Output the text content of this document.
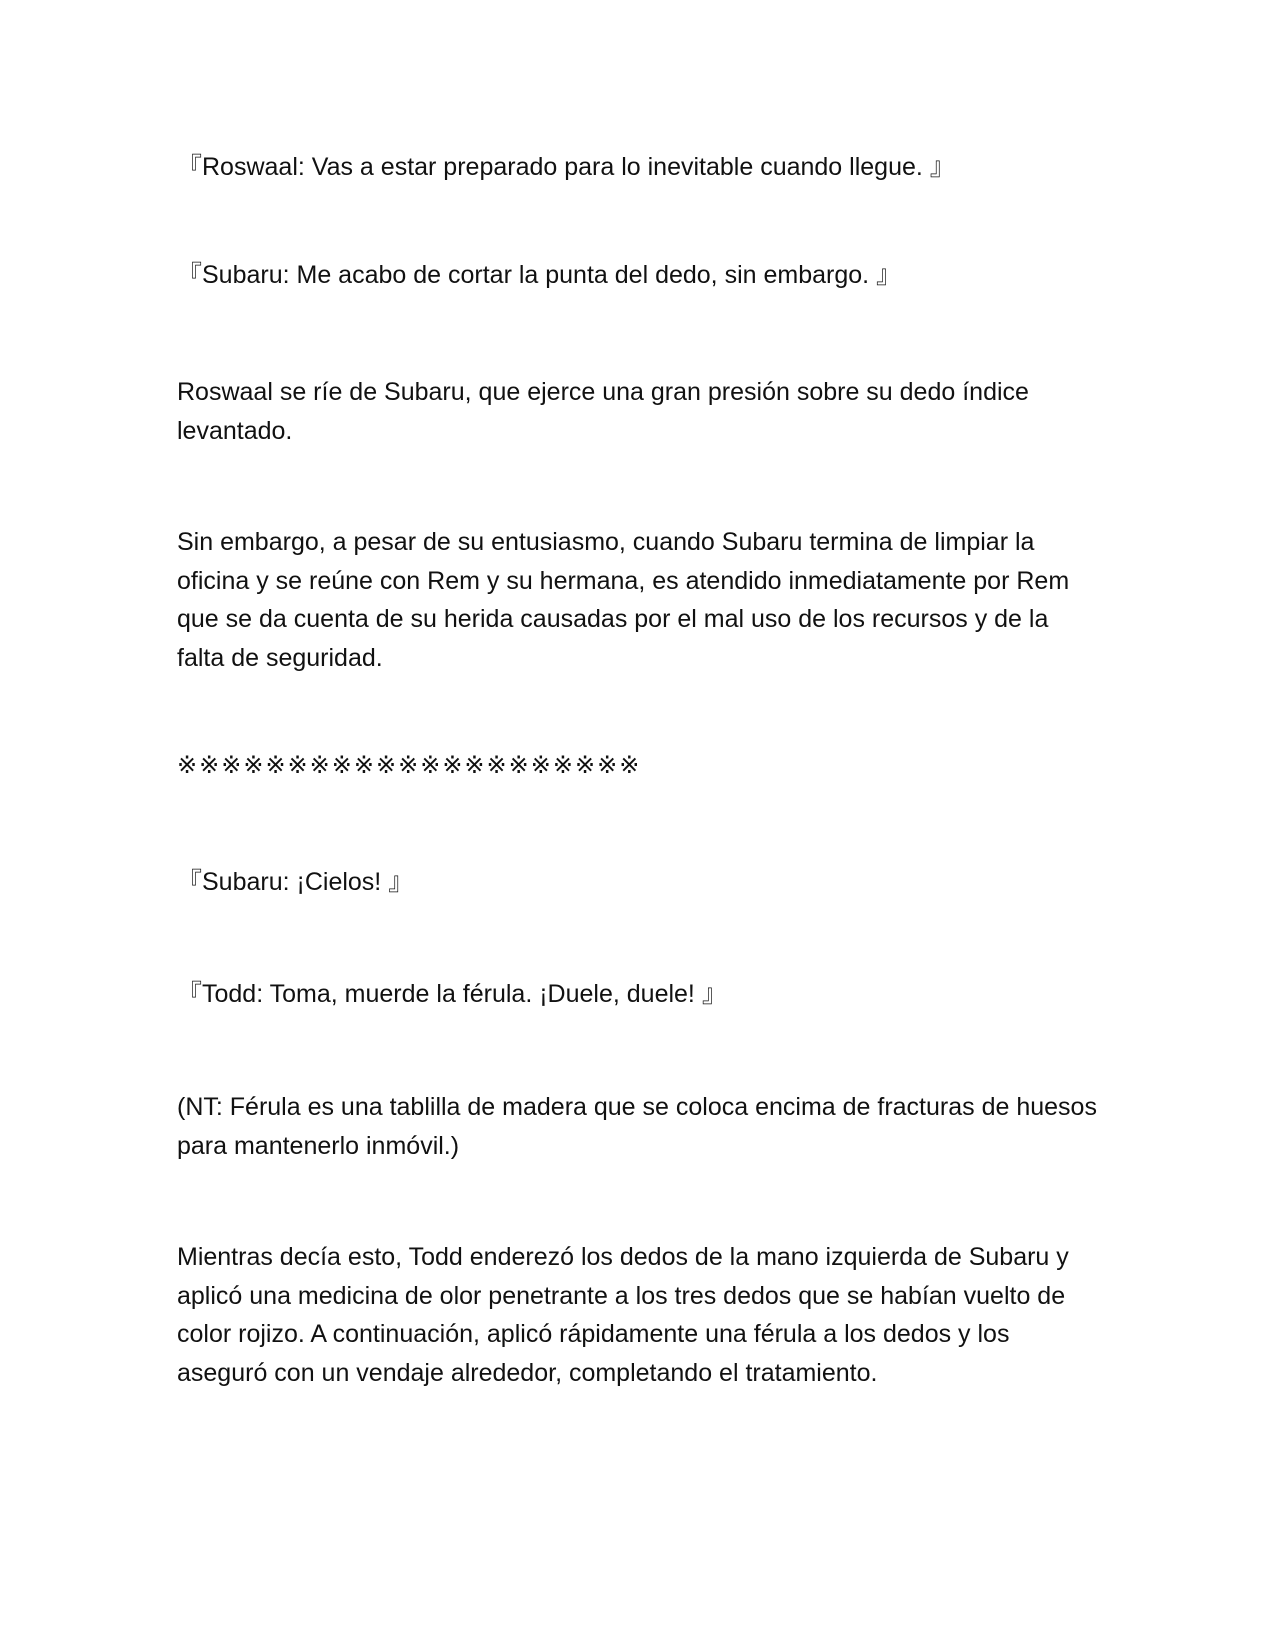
『Roswaal: Vas a estar preparado para lo inevitable cuando llegue. 』

『Subaru: Me acabo de cortar la punta del dedo, sin embargo. 』

Roswaal se ríe de Subaru, que ejerce una gran presión sobre su dedo índice levantado.

Sin embargo, a pesar de su entusiasmo, cuando Subaru termina de limpiar la oficina y se reúne con Rem y su hermana, es atendido inmediatamente por Rem que se da cuenta de su herida causadas por el mal uso de los recursos y de la falta de seguridad.

※※※※※※※※※※※※※※※※※※※※※

『Subaru: ¡Cielos! 』

『Todd: Toma, muerde la férula. ¡Duele, duele! 』

(NT: Férula es una tablilla de madera que se coloca encima de fracturas de huesos para mantenerlo inmóvil.)

Mientras decía esto, Todd enderezó los dedos de la mano izquierda de Subaru y aplicó una medicina de olor penetrante a los tres dedos que se habían vuelto de color rojizo. A continuación, aplicó rápidamente una férula a los dedos y los aseguró con un vendaje alrededor, completando el tratamiento.
